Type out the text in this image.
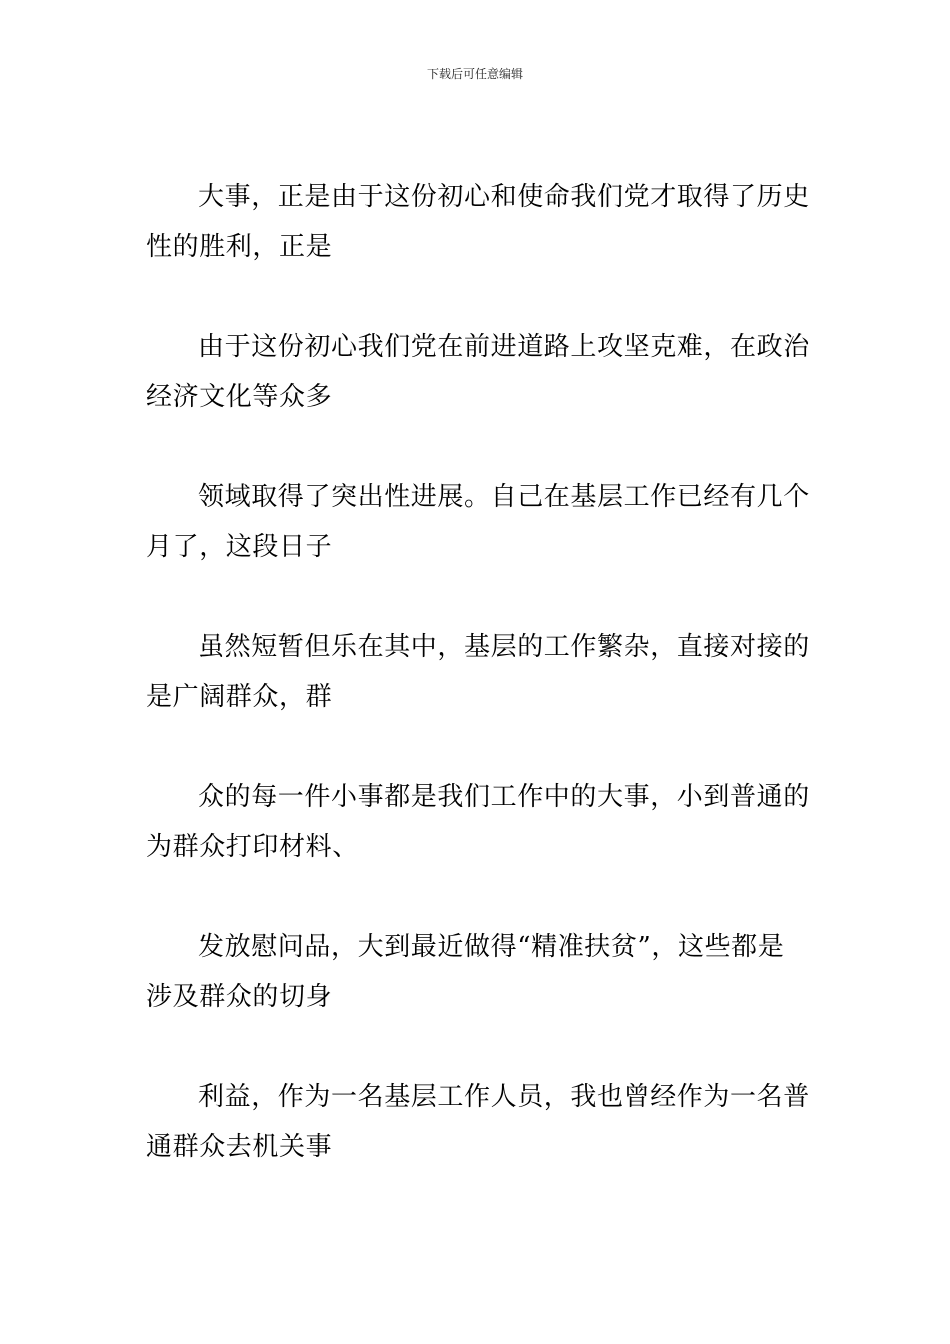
下载后可任意编辑

大事，正是由于这份初心和使命我们党才取得了历史
性的胜利，正是

由于这份初心我们党在前进道路上攻坚克难，在政治
经济文化等众多

领域取得了突出性进展。自己在基层工作已经有几个
月了，这段日子

虽然短暂但乐在其中，基层的工作繁杂，直接对接的
是广阔群众，群

众的每一件小事都是我们工作中的大事，小到普通的
为群众打印材料、

发放慰问品，大到最近做得“精准扶贫”，这些都是
涉及群众的切身

利益，作为一名基层工作人员，我也曾经作为一名普
通群众去机关事
